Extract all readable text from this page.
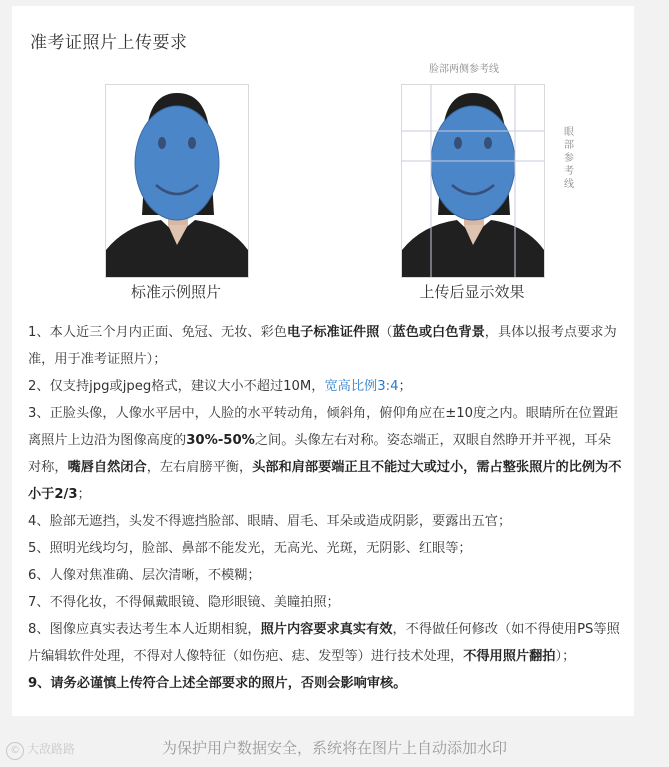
准考证照片上传要求
标准示例照片
脸部两侧参考线
眼部参考线
上传后显示效果

1、本人近三个月内正面、免冠、无妆、彩色电子标准证件照（蓝色或白色背景，具体以报考点要求为准，用于准考证照片）；

2、仅支持jpg或jpeg格式，建议大小不超过10M，宽高比例3:4；

3、正脸头像，人像水平居中，人脸的水平转动角，倾斜角，俯仰角应在±10度之内。眼睛所在位置距离照片上边沿为图像高度的30%-50%之间。头像左右对称。姿态端正，双眼自然睁开并平视，耳朵对称，嘴唇自然闭合，左右肩膀平衡，头部和肩部要端正且不能过大或过小，需占整张照片的比例为不小于2/3；

4、脸部无遮挡，头发不得遮挡脸部、眼睛、眉毛、耳朵或造成阴影，要露出五官；

5、照明光线均匀，脸部、鼻部不能发光，无高光、光斑，无阴影、红眼等；

6、人像对焦准确、层次清晰，不模糊；

7、不得化妆，不得佩戴眼镜、隐形眼镜、美瞳拍照；

8、图像应真实表达考生本人近期相貌，照片内容要求真实有效，不得做任何修改（如不得使用PS等照片编辑软件处理，不得对人像特征（如伤疤、痣、发型等）进行技术处理，不得用照片翻拍）；

9、请务必谨慎上传符合上述全部要求的照片，否则会影响审核。

© 大敌路路	为保护用户数据安全，系统将在图片上自动添加水印
